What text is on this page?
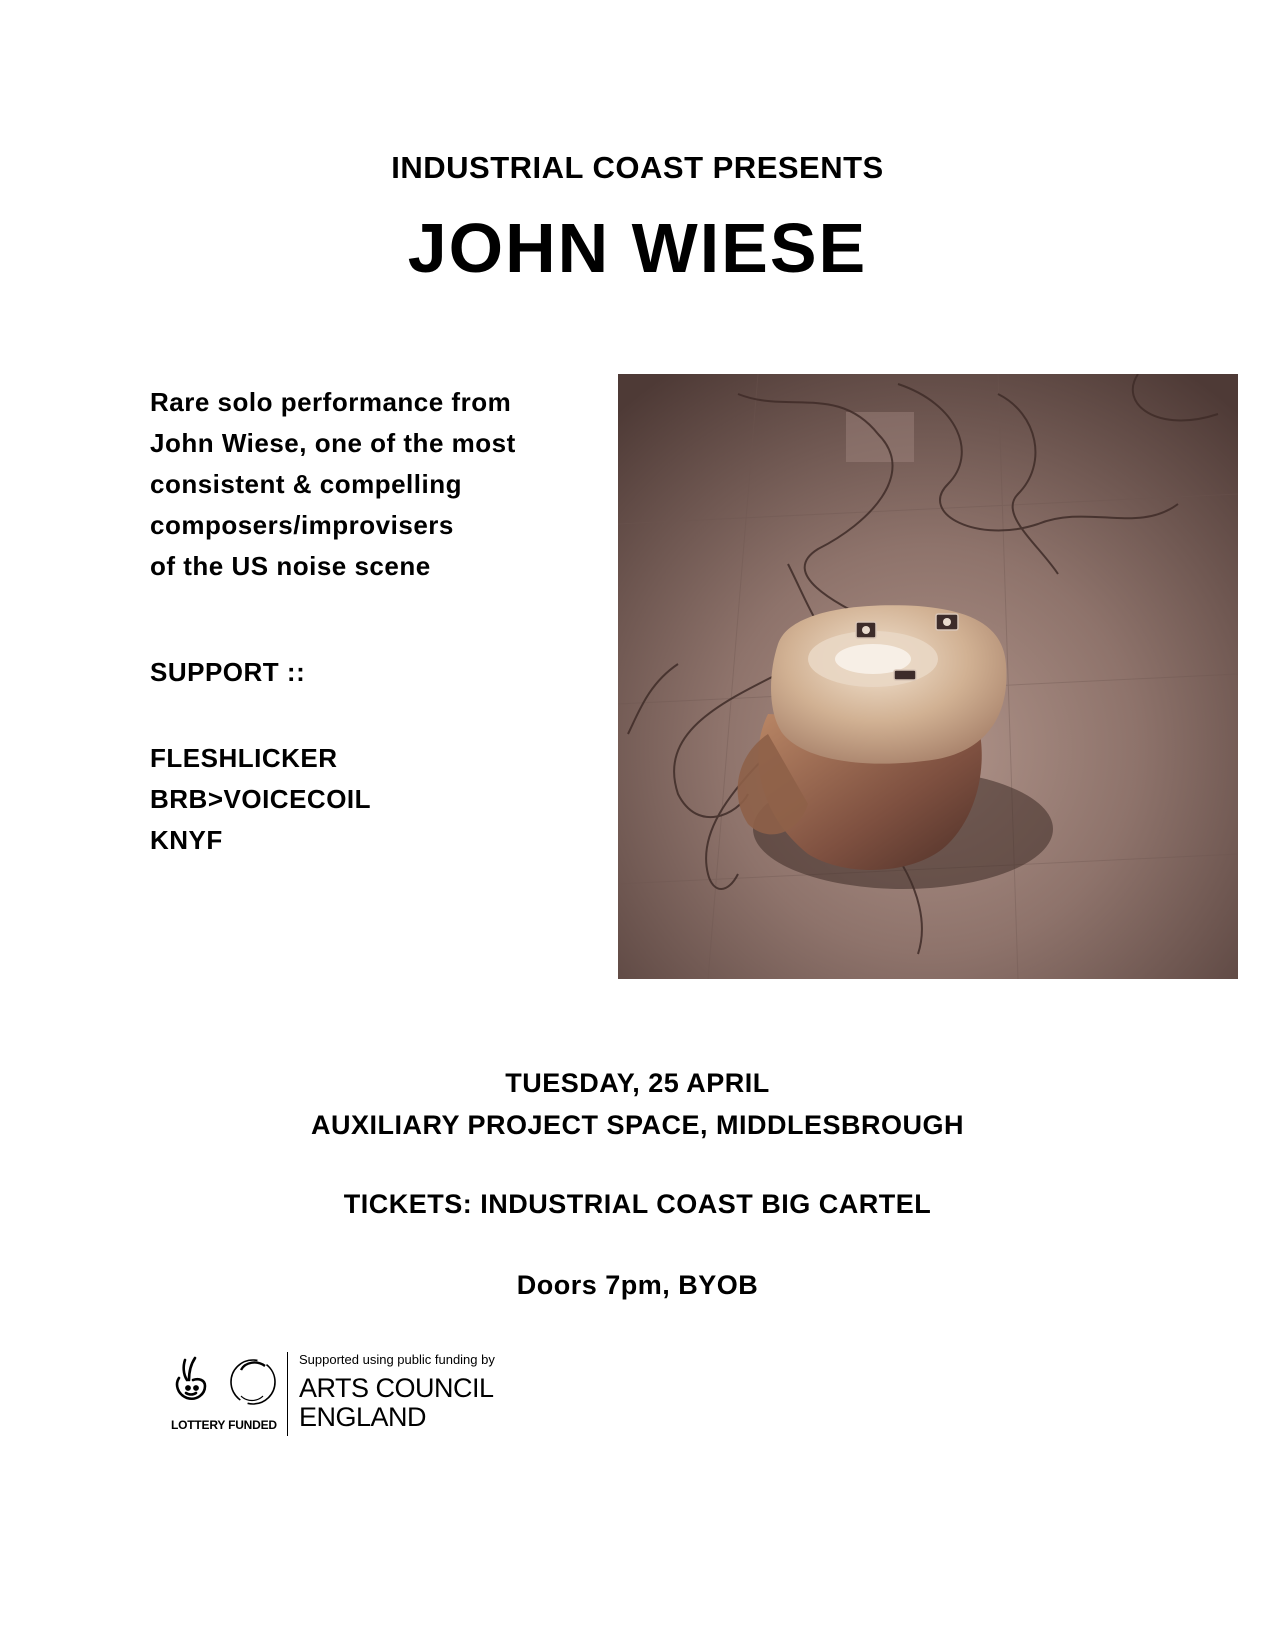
INDUSTRIAL COAST PRESENTS
JOHN WIESE
Rare solo performance from
John Wiese, one of the most
consistent & compelling
composers/improvisers
of the US noise scene
SUPPORT ::
FLESHLICKER
BRB>VOICECOIL
KNYF
TUESDAY, 25 APRIL
AUXILIARY PROJECT SPACE, MIDDLESBROUGH
TICKETS: INDUSTRIAL COAST BIG CARTEL
Doors 7pm, BYOB
LOTTERY FUNDED
Supported using public funding by
ARTS COUNCIL
ENGLAND
